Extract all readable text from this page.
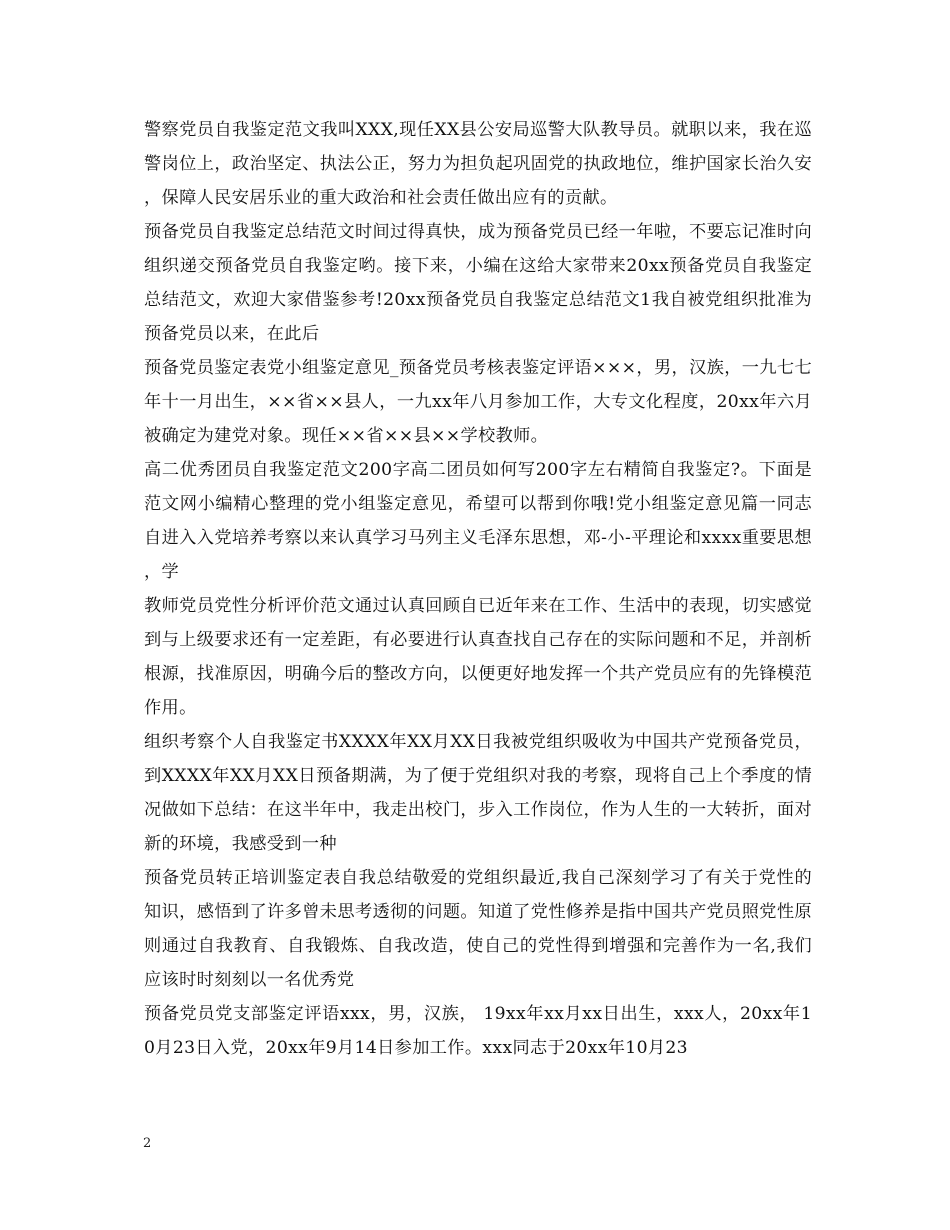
警察党员自我鉴定范文我叫XXX,现任XX县公安局巡警大队教导员。就职以来，我在巡警岗位上，政治坚定、执法公正，努力为担负起巩固党的执政地位，维护国家长治久安，保障人民安居乐业的重大政治和社会责任做出应有的贡献。

预备党员自我鉴定总结范文时间过得真快，成为预备党员已经一年啦，不要忘记准时向组织递交预备党员自我鉴定哟。接下来，小编在这给大家带来20xx预备党员自我鉴定总结范文，欢迎大家借鉴参考!20xx预备党员自我鉴定总结范文1我自被党组织批准为预备党员以来，在此后

预备党员鉴定表党小组鉴定意见_预备党员考核表鉴定评语×××，男，汉族，一九七七年十一月出生，××省××县人，一九xx年八月参加工作，大专文化程度，20xx年六月被确定为建党对象。现任××省××县××学校教师。

高二优秀团员自我鉴定范文200字高二团员如何写200字左右精简自我鉴定?。下面是范文网小编精心整理的党小组鉴定意见，希望可以帮到你哦!党小组鉴定意见篇一同志自进入入党培养考察以来认真学习马列主义毛泽东思想，邓-小-平理论和xxxx重要思想，学

教师党员党性分析评价范文通过认真回顾自已近年来在工作、生活中的表现，切实感觉到与上级要求还有一定差距，有必要进行认真查找自己存在的实际问题和不足，并剖析根源，找准原因，明确今后的整改方向，以便更好地发挥一个共产党员应有的先锋模范作用。

组织考察个人自我鉴定书XXXX年XX月XX日我被党组织吸收为中国共产党预备党员，到XXXX年XX月XX日预备期满，为了便于党组织对我的考察，现将自己上个季度的情况做如下总结：在这半年中，我走出校门，步入工作岗位，作为人生的一大转折，面对新的环境，我感受到一种

预备党员转正培训鉴定表自我总结敬爱的党组织最近,我自己深刻学习了有关于党性的知识，感悟到了许多曾未思考透彻的问题。知道了党性修养是指中国共产党员照党性原则通过自我教育、自我锻炼、自我改造，使自己的党性得到增强和完善作为一名,我们应该时时刻刻以一名优秀党

预备党员党支部鉴定评语xxx，男，汉族， 19xx年xx月xx日出生，xxx人，20xx年10月23日入党，20xx年9月14日参加工作。xxx同志于20xx年10月23

2
